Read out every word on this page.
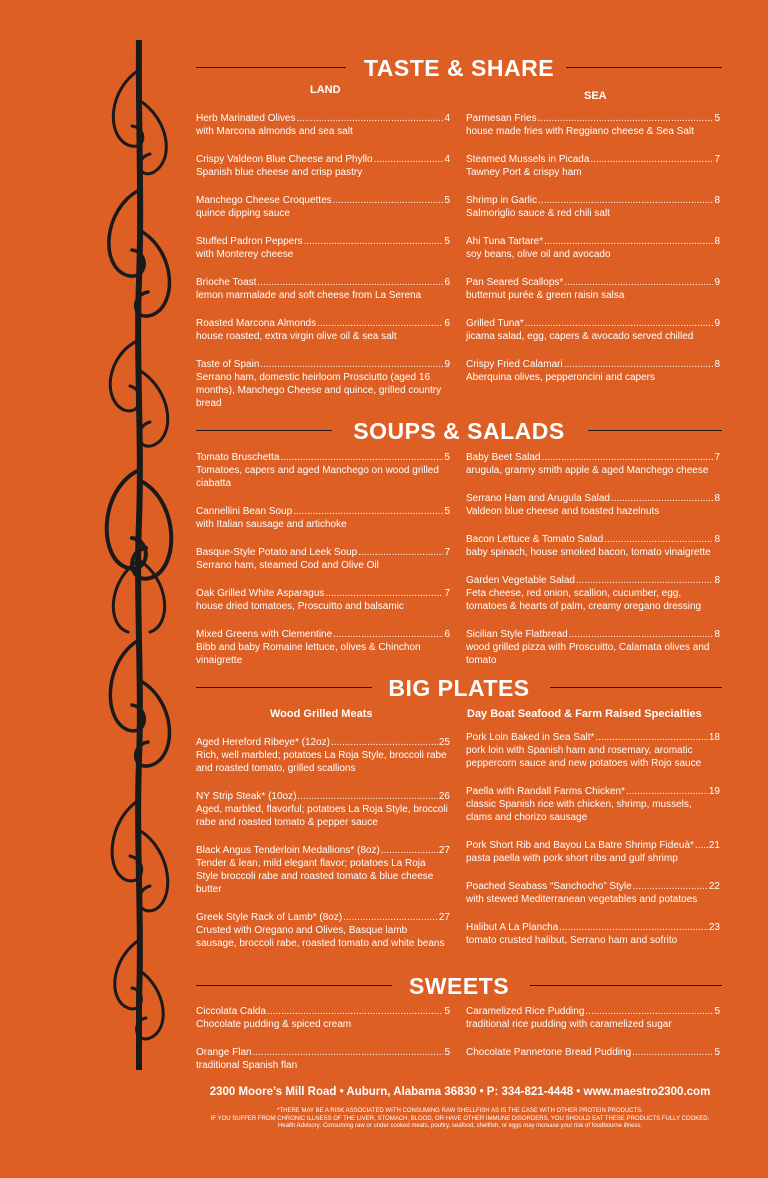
TASTE & SHARE
LAND	SEA
Herb Marinated Olives .....	4
with Marcona almonds and sea salt
Crispy Valdeon Blue Cheese and Phyllo .....	4
Spanish blue cheese and crisp pastry
Manchego Cheese Croquettes .....	5
quince dipping sauce
Stuffed Padron Peppers .....	5
with Monterey cheese
Brioche Toast .....	6
lemon marmalade and soft cheese from La Serena
Roasted Marcona Almonds .....	6
house roasted, extra virgin olive oil & sea salt
Taste of Spain .....	9
Serrano ham, domestic heirloom Prosciutto (aged 16 months), Manchego Cheese and quince, grilled country bread
Parmesan Fries .....	5
house made fries with Reggiano cheese & Sea Salt
Steamed Mussels in Picada .....	7
Tawney Port & crispy ham
Shrimp in Garlic .....	8
Salmoriglio sauce & red chili salt
Ahi Tuna Tartare* .....	8
soy beans, olive oil and avocado
Pan Seared Scallops* .....	9
butternut purée & green raisin salsa
Grilled Tuna* .....	9
jicama salad, egg, capers & avocado served chilled
Crispy Fried Calamari .....	8
Aberquina olives, pepperoncini and capers
SOUPS & SALADS
Tomato Bruschetta .....	5
Tomatoes, capers and aged Manchego on wood grilled ciabatta
Cannellini Bean Soup .....	5
with Italian sausage and artichoke
Basque-Style Potato and Leek Soup .....	7
Serrano ham, steamed Cod and Olive Oil
Oak Grilled White Asparagus .....	7
house dried tomatoes, Proscuitto and balsamic
Mixed Greens with Clementine .....	6
Bibb and baby Romaine lettuce, olives & Chinchon vinaigrette
Baby Beet Salad .....	7
arugula, granny smith apple & aged Manchego cheese
Serrano Ham and Arugula Salad .....	8
Valdeon blue cheese and toasted hazelnuts
Bacon Lettuce & Tomato Salad .....	8
baby spinach, house smoked bacon, tomato vinaigrette
Garden Vegetable Salad .....	8
Feta cheese, red onion, scallion, cucumber, egg, tomatoes & hearts of palm, creamy oregano dressing
Sicilian Style Flatbread .....	8
wood grilled pizza with Proscuitto, Calamata olives and tomato
BIG PLATES
Wood Grilled Meats	Day Boat Seafood & Farm Raised Specialties
Aged Hereford Ribeye* (12oz) .....	25
Rich, well marbled; potatoes La Roja Style, broccoli rabe and roasted tomato, grilled scallions
NY Strip Steak* (10oz) .....	26
Aged, marbled, flavorful; potatoes La Roja Style, broccoli rabe and roasted tomato & pepper sauce
Black Angus Tenderloin Medallions* (8oz) .....	27
Tender & lean, mild elegant flavor; potatoes La Roja Style broccoli rabe and roasted tomato & blue cheese butter
Greek Style Rack of Lamb* (8oz) .....	27
Crusted with Oregano and Olives, Basque lamb sausage, broccoli rabe, roasted tomato and white beans
Pork Loin Baked in Sea Salt* .....	18
pork loin with Spanish ham and rosemary, aromatic peppercorn sauce and new potatoes with Rojo sauce
Paella with Randall Farms Chicken* .....	19
classic Spanish rice with chicken, shrimp, mussels, clams and chorizo sausage
Pork Short Rib and Bayou La Batre Shrimp Fideuà* ..... 21
pasta paella with pork short ribs and gulf shrimp
Poached Seabass “Sanchocho” Style .....	22
with stewed Mediterranean vegetables and potatoes
Halibut A La Plancha .....	23
tomato crusted halibut, Serrano ham and sofrito
SWEETS
Ciccolata Calda .....	5
Chocolate pudding & spiced cream
Orange Flan .....	5
traditional Spanish flan
Caramelized Rice Pudding .....	5
traditional rice pudding with caramelized sugar
Chocolate Pannetone Bread Pudding .....	5
2300 Moore’s Mill Road • Auburn, Alabama 36830 • P: 334-821-4448 • www.maestro2300.com
*THERE MAY BE A RISK ASSOCIATED WITH CONSUMING RAW SHELLFISH AS IS THE CASE WITH OTHER PROTEIN PRODUCTS.
IF YOU SUFFER FROM CHRONIC ILLNESS OF THE LIVER, STOMACH, BLOOD, OR HAVE OTHER IMMUNE DISORDERS, YOU SHOULD EAT THESE PRODUCTS FULLY COOKED.
Health Advisory: Consuming raw or under cooked meats, poultry, seafood, shellfish, or eggs may increase your risk of foodbourne illness.
